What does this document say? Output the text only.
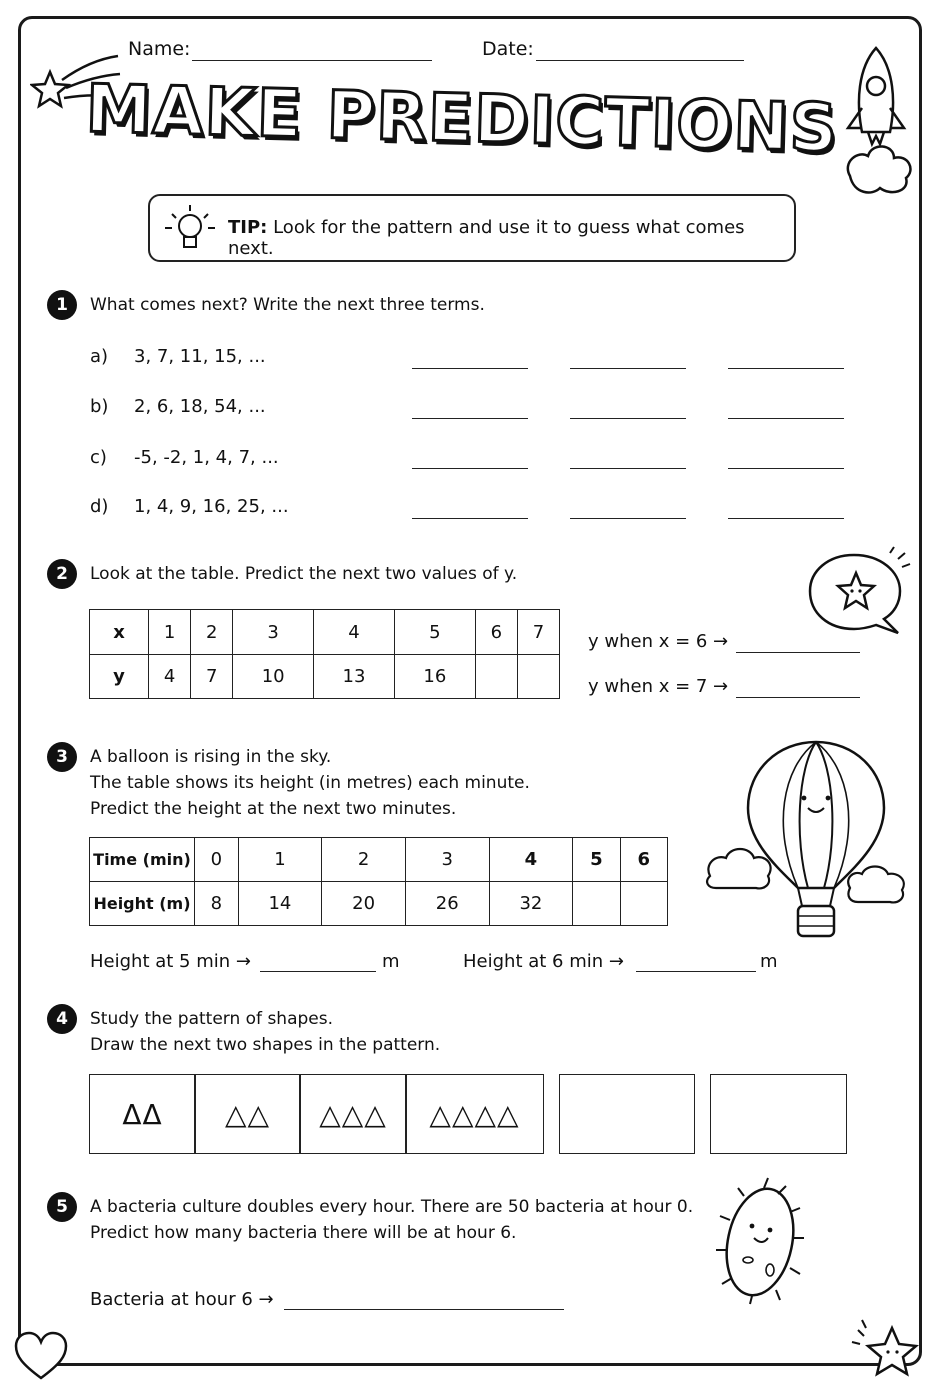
Name:	Date:
MAKE PREDICTIONS
TIP: Look for the pattern and use it to guess what comes next.
1	What comes next? Write the next three terms.
a) 3, 7, 11, 15, ...
b) 2, 6, 18, 54, ...
c) -5, -2, 1, 4, 7, ...
d) 1, 4, 9, 16, 25, ...
2	Look at the table. Predict the next two values of y.
x	1	2	3	4	5	6	7
y	4	7	10	13	16		
y when x = 6 →
y when x = 7 →
3	A balloon is rising in the sky.
The table shows its height (in metres) each minute.
Predict the height at the next two minutes.
Time (min)	0	1	2	3	4	5	6
Height (m)	8	14	20	26	32		
Height at 5 min →	m	Height at 6 min →	m
4	Study the pattern of shapes.
Draw the next two shapes in the pattern.
ΔΔ △△ △△△ △△△△
5	A bacteria culture doubles every hour. There are 50 bacteria at hour 0.
Predict how many bacteria there will be at hour 6.
Bacteria at hour 6 →
